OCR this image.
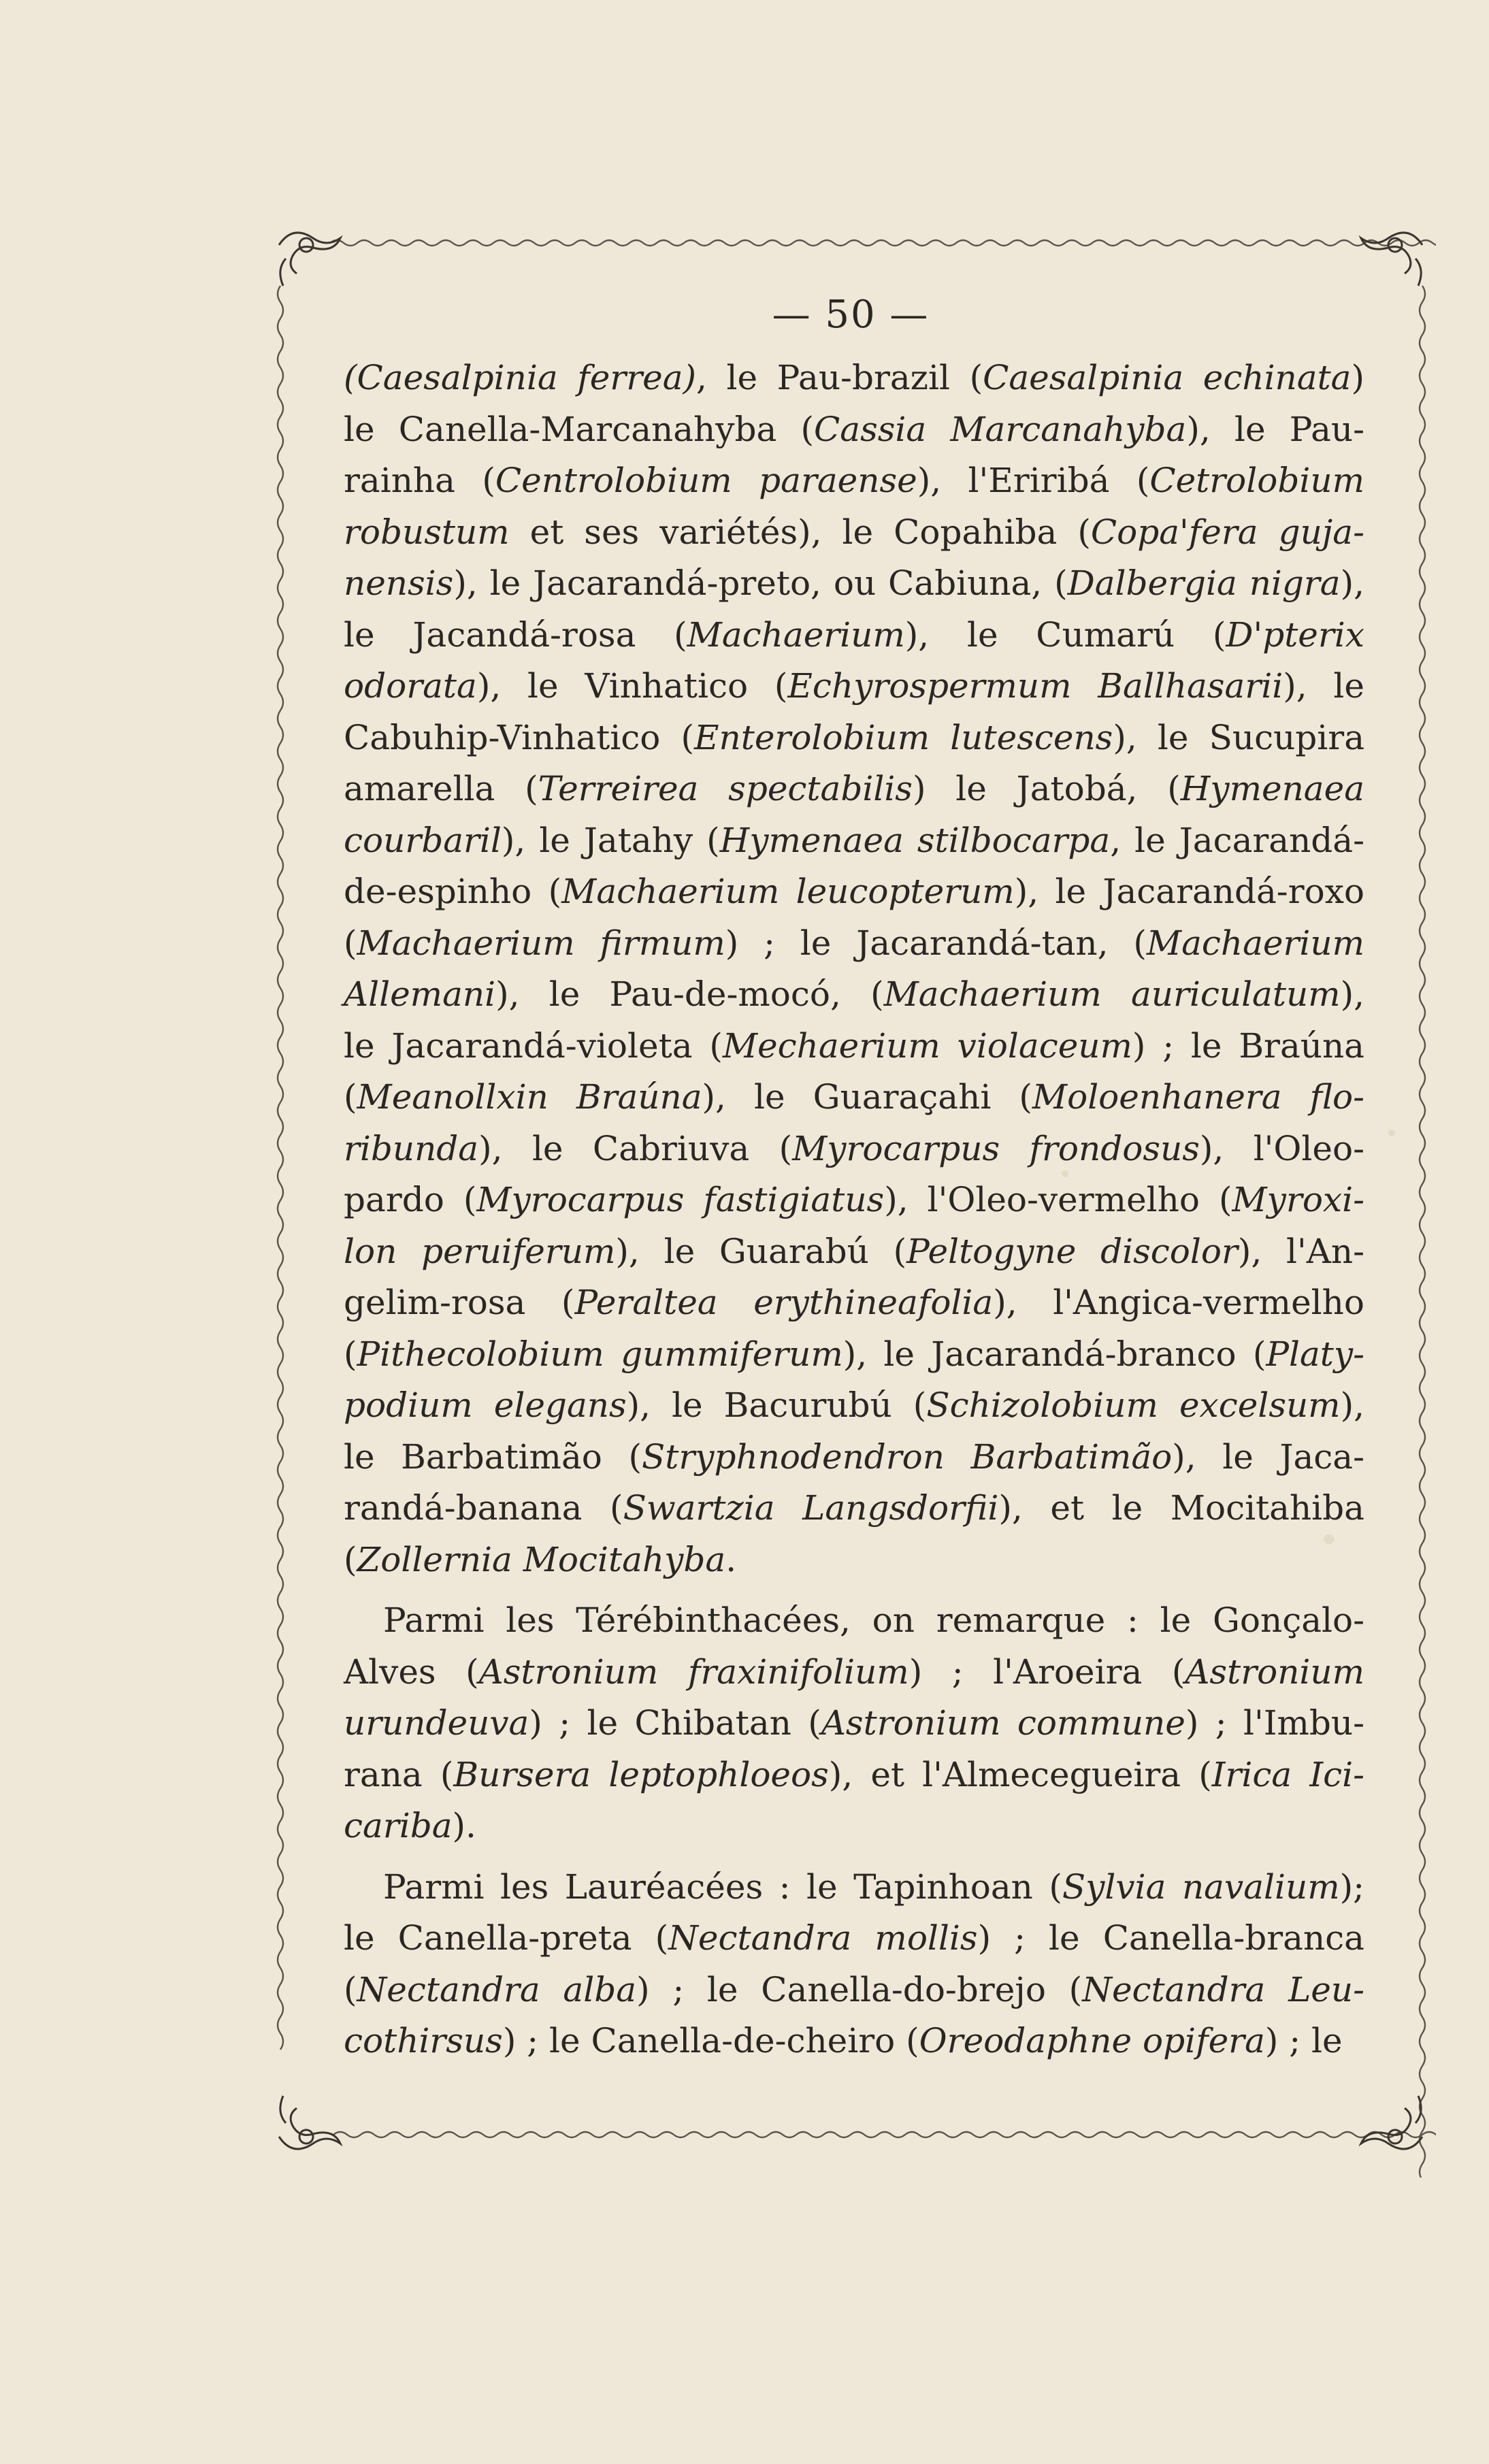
— 50 —
(Caesalpinia ferrea), le Pau-brazil (Caesalpinia echinata)
le Canella-Marcanahyba (Cassia Marcanahyba), le Pau-
rainha (Centrolobium paraense), l'Eriribá (Cetrolobium
robustum et ses variétés), le Copahiba (Copa'fera guja-
nensis), le Jacarandá-preto, ou Cabiuna, (Dalbergia nigra),
le Jacandá-rosa (Machaerium), le Cumarú (D'pterix
odorata), le Vinhatico (Echyrospermum Ballhasarii), le
Cabuhip-Vinhatico (Enterolobium lutescens), le Sucupira
amarella (Terreirea spectabilis) le Jatobá, (Hymenaea
courbaril), le Jatahy (Hymenaea stilbocarpa, le Jacarandá-
de-espinho (Machaerium leucopterum), le Jacarandá-roxo
(Machaerium firmum) ; le Jacarandá-tan, (Machaerium
Allemani), le Pau-de-mocó, (Machaerium auriculatum),
le Jacarandá-violeta (Mechaerium violaceum) ; le Braúna
(Meanollxin Braúna), le Guaraçahi (Moloenhanera flo-
ribunda), le Cabriuva (Myrocarpus frondosus), l'Oleo-
pardo (Myrocarpus fastigiatus), l'Oleo-vermelho (Myroxi-
lon peruiferum), le Guarabú (Peltogyne discolor), l'An-
gelim-rosa (Peraltea erythineafolia), l'Angica-vermelho
(Pithecolobium gummiferum), le Jacarandá-branco (Platy-
podium elegans), le Bacurubú (Schizolobium excelsum),
le Barbatimão (Stryphnodendron Barbatimão), le Jaca-
randá-banana (Swartzia Langsdorfii), et le Mocitahiba
(Zollernia Mocitahyba.
Parmi les Térébinthacées, on remarque : le Gonçalo-
Alves (Astronium fraxinifolium) ; l'Aroeira (Astronium
urundeuva) ; le Chibatan (Astronium commune) ; l'Imbu-
rana (Bursera leptophloeos), et l'Almecegueira (Irica Ici-
cariba).
Parmi les Lauréacées : le Tapinhoan (Sylvia navalium);
le Canella-preta (Nectandra mollis) ; le Canella-branca
(Nectandra alba) ; le Canella-do-brejo (Nectandra Leu-
cothirsus) ; le Canella-de-cheiro (Oreodaphne opifera) ; le
